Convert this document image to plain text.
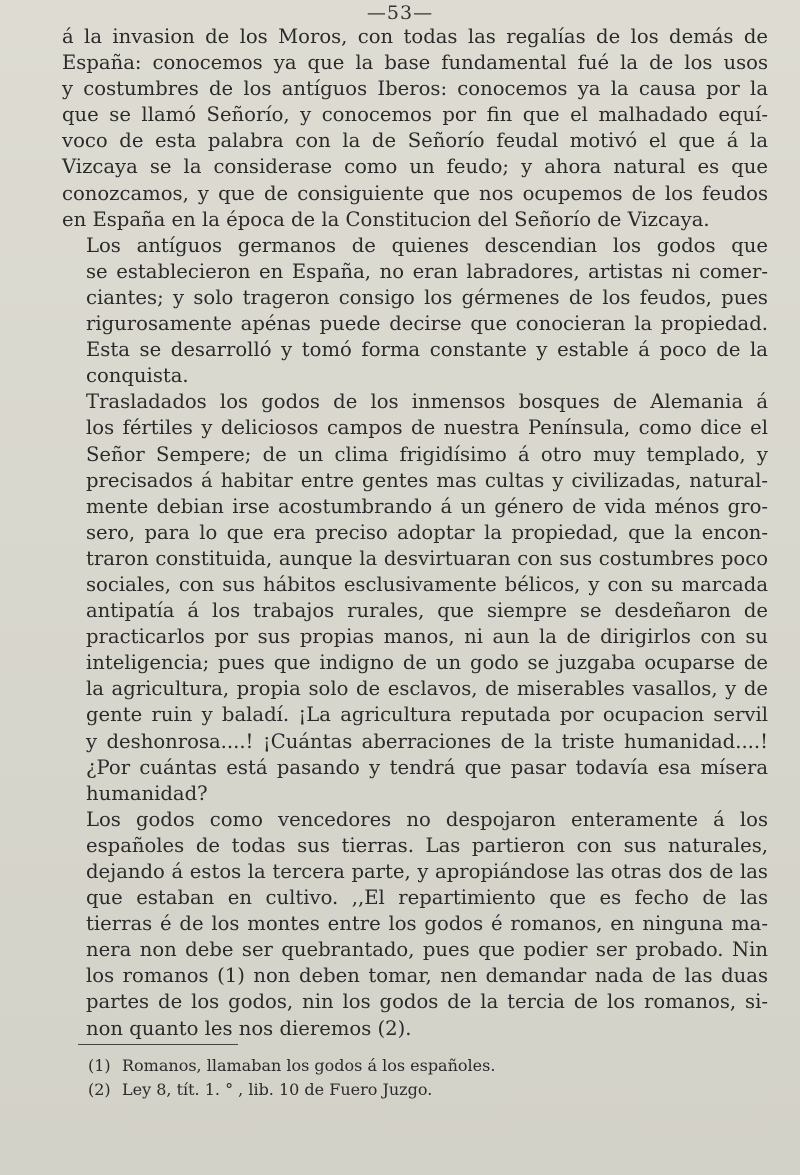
—53—

á la invasion de los Moros, con todas las regalías de los demás de
España: conocemos ya que la base fundamental fué la de los usos
y costumbres de los antíguos Iberos: conocemos ya la causa por la
que se llamó Señorío, y conocemos por fin que el malhadado equí-
voco de esta palabra con la de Señorío feudal motivó el que á la
Vizcaya se la considerase como un feudo; y ahora natural es que
conozcamos, y que de consiguiente que nos ocupemos de los feudos
en España en la época de la Constitucion del Señorío de Vizcaya.

Los antíguos germanos de quienes descendian los godos que
se establecieron en España, no eran labradores, artistas ni comer-
ciantes; y solo trageron consigo los gérmenes de los feudos, pues
rigurosamente apénas puede decirse que conocieran la propiedad.
Esta se desarrolló y tomó forma constante y estable á poco de la
conquista.

Trasladados los godos de los inmensos bosques de Alemania á
los fértiles y deliciosos campos de nuestra Península, como dice el
Señor Sempere; de un clima frigidísimo á otro muy templado, y
precisados á habitar entre gentes mas cultas y civilizadas, natural-
mente debian irse acostumbrando á un género de vida ménos gro-
sero, para lo que era preciso adoptar la propiedad, que la encon-
traron constituida, aunque la desvirtuaran con sus costumbres poco
sociales, con sus hábitos esclusivamente bélicos, y con su marcada
antipatía á los trabajos rurales, que siempre se desdeñaron de
practicarlos por sus propias manos, ni aun la de dirigirlos con su
inteligencia; pues que indigno de un godo se juzgaba ocuparse de
la agricultura, propia solo de esclavos, de miserables vasallos, y de
gente ruin y baladí. ¡La agricultura reputada por ocupacion servil
y deshonrosa....! ¡Cuántas aberraciones de la triste humanidad....!
¿Por cuántas está pasando y tendrá que pasar todavía esa mísera
humanidad?

Los godos como vencedores no despojaron enteramente á los
españoles de todas sus tierras. Las partieron con sus naturales,
dejando á estos la tercera parte, y apropiándose las otras dos de las
que estaban en cultivo. ,,El repartimiento que es fecho de las
tierras é de los montes entre los godos é romanos, en ninguna ma-
nera non debe ser quebrantado, pues que podier ser probado. Nin
los romanos (1) non deben tomar, nen demandar nada de las duas
partes de los godos, nin los godos de la tercia de los romanos, si-
non quanto les nos dieremos (2).

(1) Romanos, llamaban los godos á los españoles.
(2) Ley 8, tít. 1. ° , lib. 10 de Fuero Juzgo.
